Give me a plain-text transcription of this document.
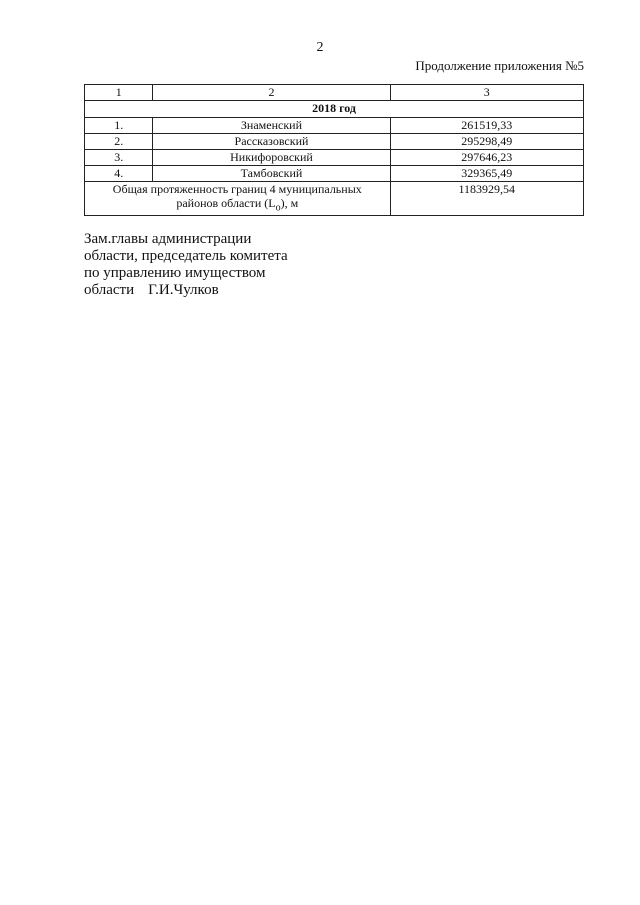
2
Продолжение приложения №5
1	2	3
2018 год		
1.	Знаменский	261519,33
2.	Рассказовский	295298,49
3.	Никифоровский	297646,23
4.	Тамбовский	329365,49
Общая протяженность границ 4 муниципальных
районов области $(L_о)$, м		1183929,54
Зам.главы администрации
области, председатель комитета
по управлению имуществом
области Г.И.Чулков
